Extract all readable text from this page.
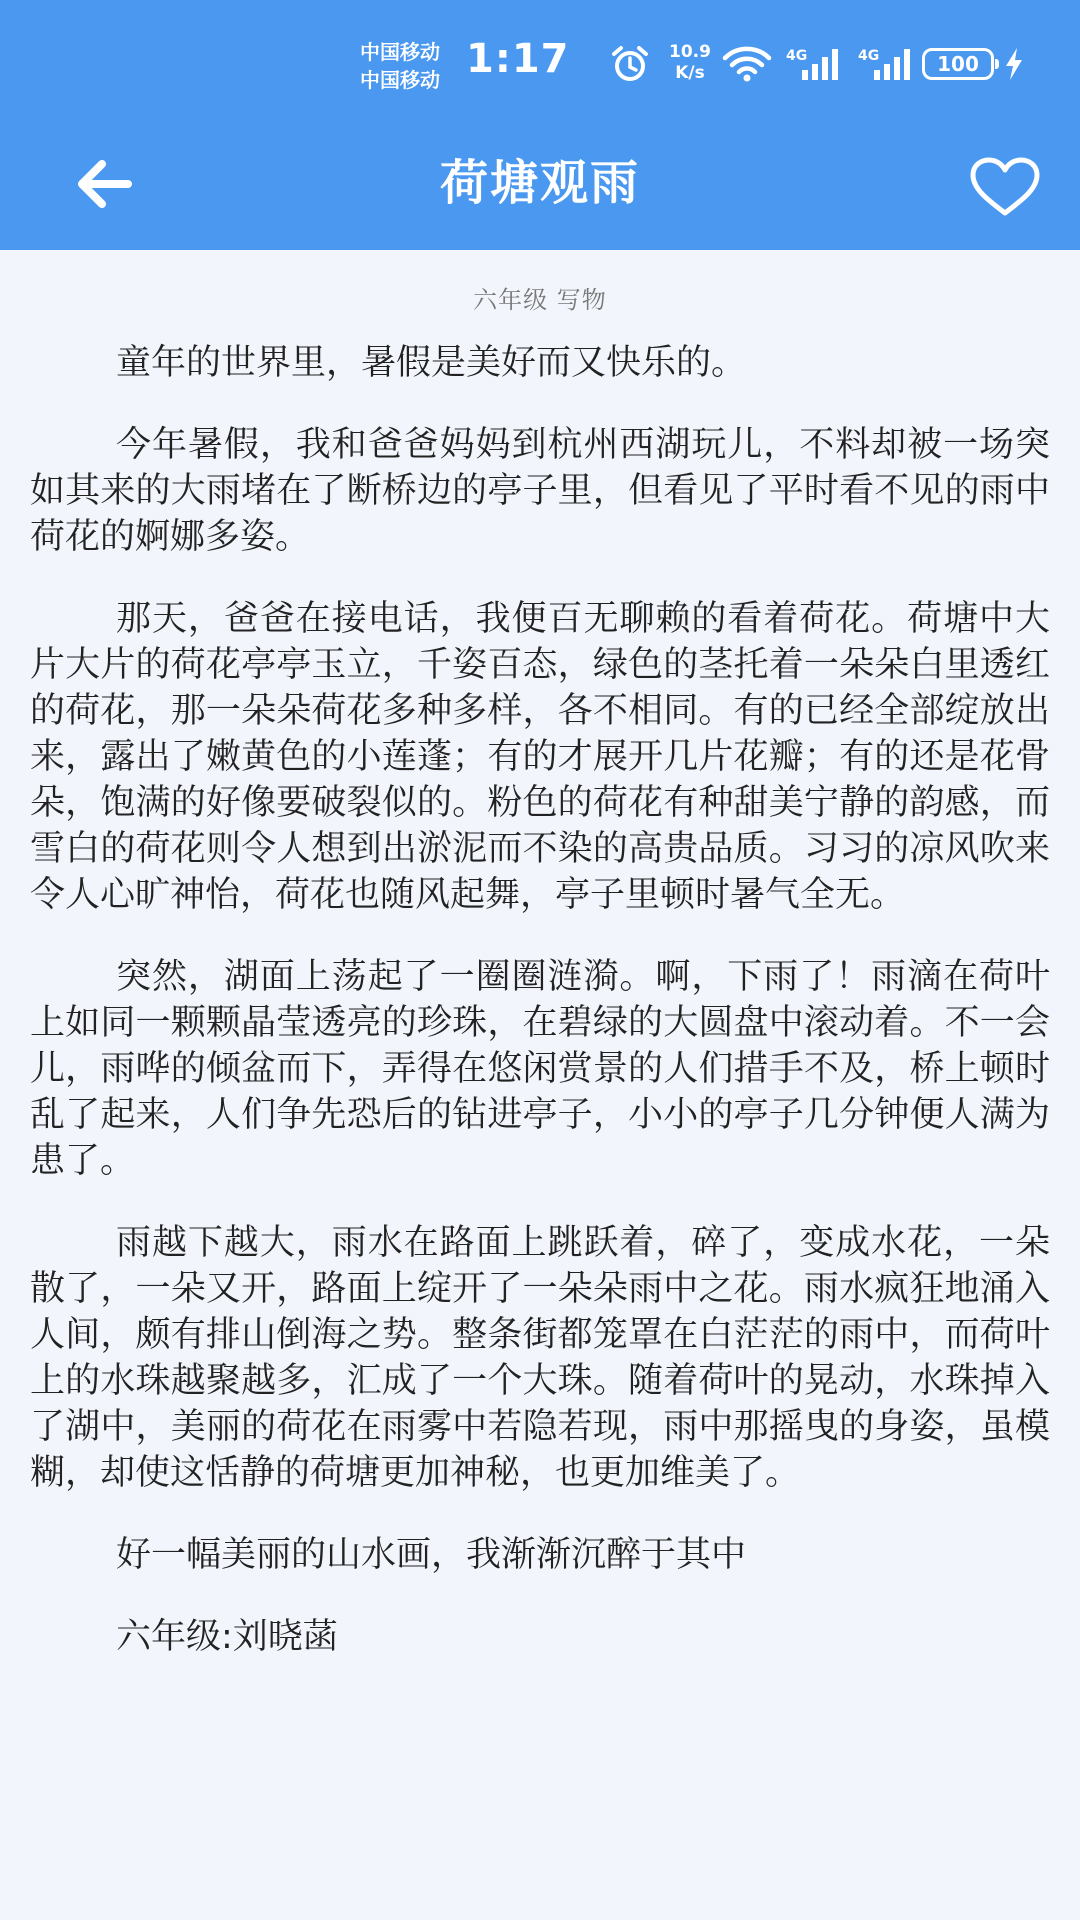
中国移动
中国移动 1:17	10.9
K/s
4G	4G	100
荷塘观雨
六年级 写物

童年的世界里，暑假是美好而又快乐的。

今年暑假，我和爸爸妈妈到杭州西湖玩儿，不料却被一场突如其来的大雨堵在了断桥边的亭子里，但看见了平时看不见的雨中荷花的婀娜多姿。

那天，爸爸在接电话，我便百无聊赖的看着荷花。荷塘中大片大片的荷花亭亭玉立，千姿百态，绿色的茎托着一朵朵白里透红的荷花，那一朵朵荷花多种多样，各不相同。有的已经全部绽放出来，露出了嫩黄色的小莲蓬；有的才展开几片花瓣；有的还是花骨朵，饱满的好像要破裂似的。粉色的荷花有种甜美宁静的韵感，而雪白的荷花则令人想到出淤泥而不染的高贵品质。习习的凉风吹来令人心旷神怡，荷花也随风起舞，亭子里顿时暑气全无。

突然，湖面上荡起了一圈圈涟漪。啊，下雨了！雨滴在荷叶上如同一颗颗晶莹透亮的珍珠，在碧绿的大圆盘中滚动着。不一会儿，雨哗的倾盆而下，弄得在悠闲赏景的人们措手不及，桥上顿时乱了起来，人们争先恐后的钻进亭子，小小的亭子几分钟便人满为患了。

雨越下越大，雨水在路面上跳跃着，碎了，变成水花，一朵散了，一朵又开，路面上绽开了一朵朵雨中之花。雨水疯狂地涌入人间，颇有排山倒海之势。整条街都笼罩在白茫茫的雨中，而荷叶上的水珠越聚越多，汇成了一个大珠。随着荷叶的晃动，水珠掉入了湖中，美丽的荷花在雨雾中若隐若现，雨中那摇曳的身姿，虽模糊，却使这恬静的荷塘更加神秘，也更加维美了。

好一幅美丽的山水画，我渐渐沉醉于其中

六年级:刘晓菡
